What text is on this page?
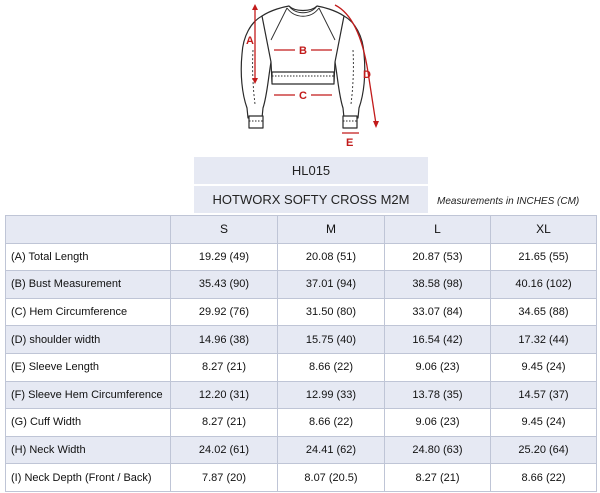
A
B
C
D
E
HL015
HOTWORX SOFTY CROSS M2M	Measurements in INCHES (CM)
	S	M	L	XL
(A) Total Length	19.29 (49)	20.08 (51)	20.87 (53)	21.65 (55)
(B) Bust Measurement	35.43 (90)	37.01 (94)	38.58 (98)	40.16 (102)
(C) Hem Circumference	29.92 (76)	31.50 (80)	33.07 (84)	34.65 (88)
(D) shoulder width	14.96 (38)	15.75 (40)	16.54 (42)	17.32 (44)
(E) Sleeve Length	8.27 (21)	8.66 (22)	9.06 (23)	9.45 (24)
(F) Sleeve Hem Circumference	12.20 (31)	12.99 (33)	13.78 (35)	14.57 (37)
(G) Cuff Width	8.27 (21)	8.66 (22)	9.06 (23)	9.45 (24)
(H) Neck Width	24.02 (61)	24.41 (62)	24.80 (63)	25.20 (64)
(I) Neck Depth (Front / Back)	7.87 (20)	8.07 (20.5)	8.27 (21)	8.66 (22)
